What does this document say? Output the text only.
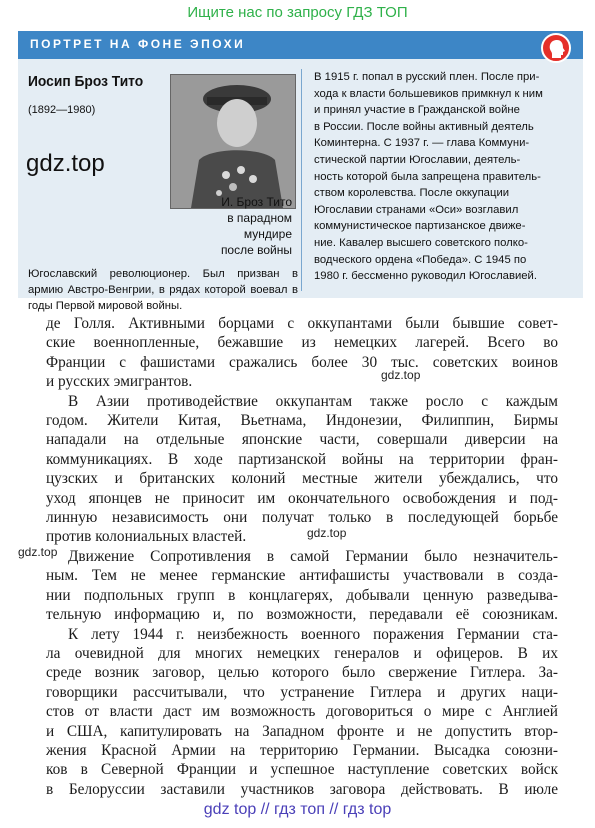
Ищите нас по запросу ГДЗ ТОП
ПОРТРЕТ НА ФОНЕ ЭПОХИ
Иосип Броз Тито
(1892—1980)
И. Броз Тито
в парадном
мундире
после войны
Югославский революционер. Был призван в армию Австро-Венгрии, в рядах которой воевал в годы Первой мировой войны.
В 1915 г. попал в русский плен. После при-
хода к власти большевиков примкнул к ним
и принял участие в Гражданской войне
в России. После войны активный деятель
Коминтерна. С 1937 г. — глава Коммуни-
стической партии Югославии, деятель-
ность которой была запрещена правитель-
ством королевства. После оккупации
Югославии странами «Оси» возглавил
коммунистическое партизанское движе-
ние. Кавалер высшего советского полко-
водческого ордена «Победа». С 1945 по
1980 г. бессменно руководил Югославией.
gdz.top
де Голля. Активными борцами с оккупантами были бывшие совет-
ские военнопленные, бежавшие из немецких лагерей. Всего во
Франции с фашистами сражались более 30 тыс. советских воинов
и русских эмигрантов.
В Азии противодействие оккупантам также росло с каждым
годом. Жители Китая, Вьетнама, Индонезии, Филиппин, Бирмы
нападали на отдельные японские части, совершали диверсии на
коммуникациях. В ходе партизанской войны на территории фран-
цузских и британских колоний местные жители убеждались, что
уход японцев не приносит им окончательного освобождения и под-
линную независимость они получат только в последующей борьбе
против колониальных властей.
Движение Сопротивления в самой Германии было незначитель-
ным. Тем не менее германские антифашисты участвовали в созда-
нии подпольных групп в концлагерях, добывали ценную разведыва-
тельную информацию и, по возможности, передавали её союзникам.
К лету 1944 г. неизбежность военного поражения Германии ста-
ла очевидной для многих немецких генералов и офицеров. В их
среде возник заговор, целью которого было свержение Гитлера. За-
говорщики рассчитывали, что устранение Гитлера и других наци-
стов от власти даст им возможность договориться о мире с Англией
и США, капитулировать на Западном фронте и не допустить втор-
жения Красной Армии на территорию Германии. Высадка союзни-
ков в Северной Франции и успешное наступление советских войск
в Белоруссии заставили участников заговора действовать. В июле
gdz.top
gdz.top
gdz.top
gdz top // гдз топ // гдз top
